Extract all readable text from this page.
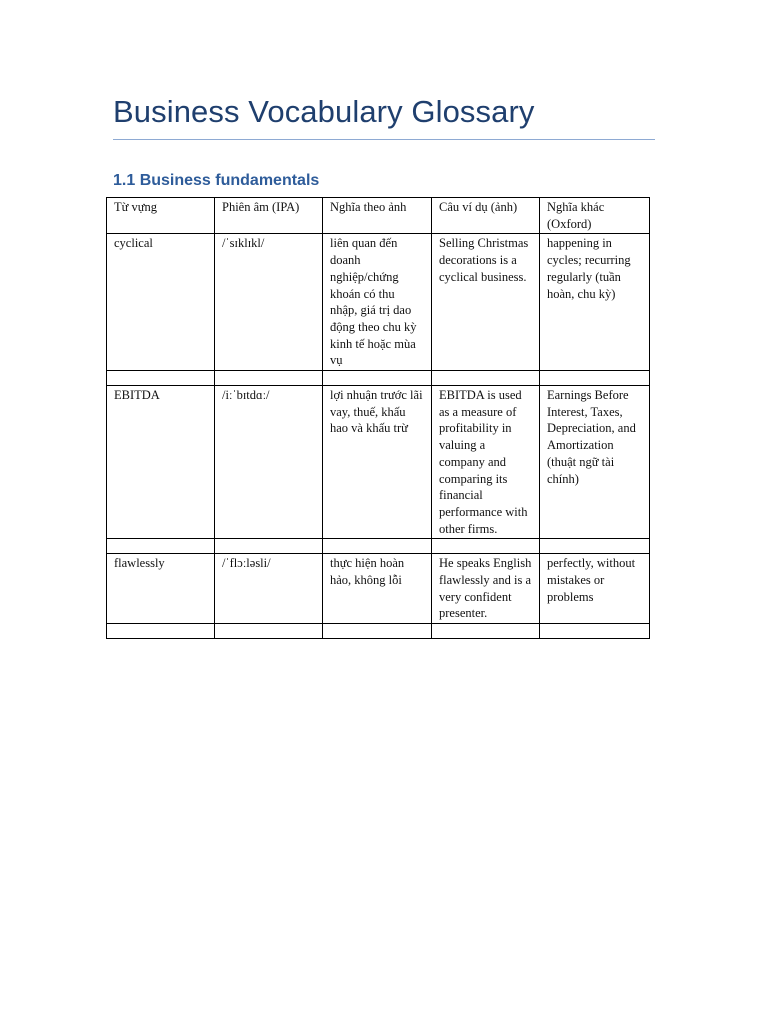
Business Vocabulary Glossary
1.1 Business fundamentals
Từ vựng	Phiên âm (IPA)	Nghĩa theo ảnh	Câu ví dụ (ảnh)	Nghĩa khác (Oxford)
cyclical	/ˈsɪklɪkl/	liên quan đến doanh nghiệp/chứng khoán có thu nhập, giá trị dao động theo chu kỳ kinh tế hoặc mùa vụ	Selling Christmas decorations is a cyclical business.	happening in cycles; recurring regularly (tuần hoàn, chu kỳ)

EBITDA	/iːˈbɪtdɑː/	lợi nhuận trước lãi vay, thuế, khấu hao và khấu trừ	EBITDA is used as a measure of profitability in valuing a company and comparing its financial performance with other firms.	Earnings Before Interest, Taxes, Depreciation, and Amortization (thuật ngữ tài chính)

flawlessly	/ˈflɔːləsli/	thực hiện hoàn hảo, không lỗi	He speaks English flawlessly and is a very confident presenter.	perfectly, without mistakes or problems
